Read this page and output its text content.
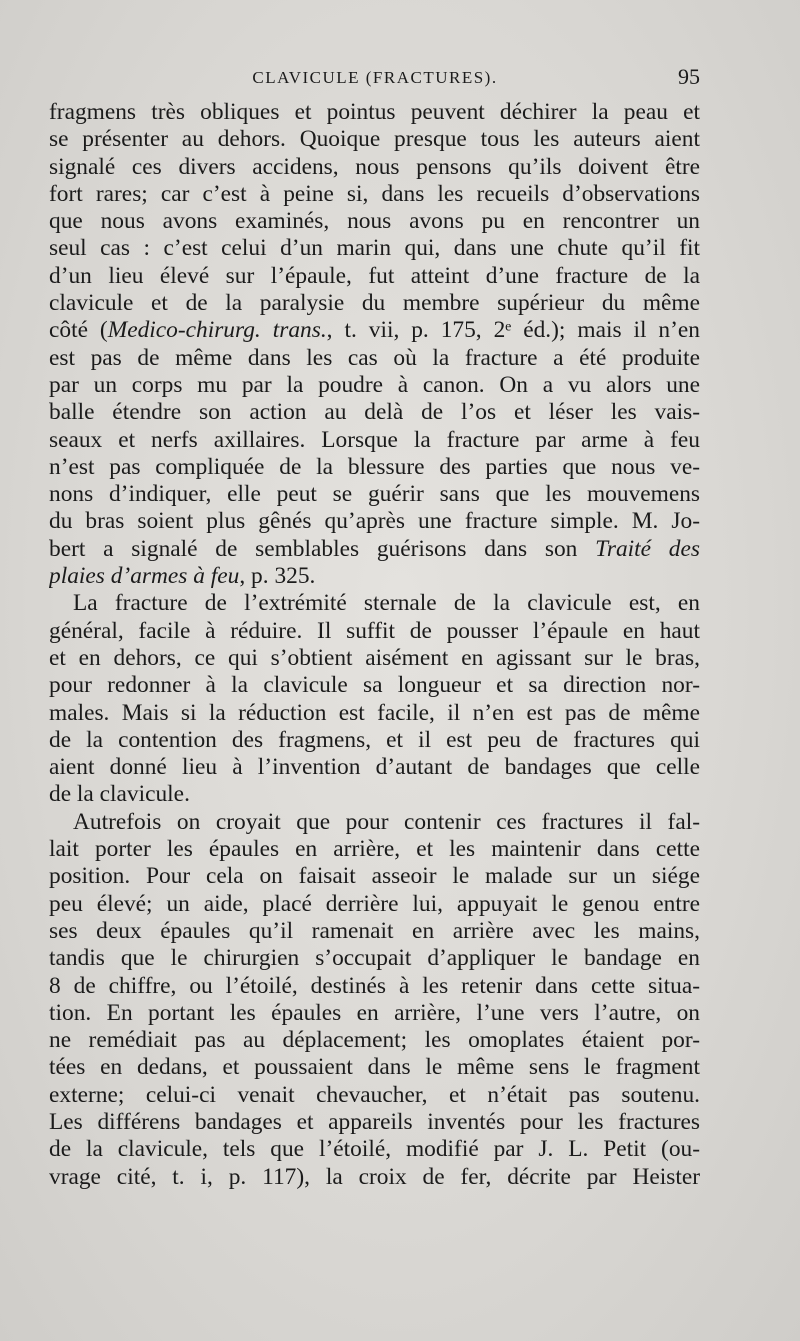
CLAVICULE (FRACTURES).	95
fragmens très obliques et pointus peuvent déchirer la peau et
se présenter au dehors. Quoique presque tous les auteurs aient
signalé ces divers accidens, nous pensons qu’ils doivent être
fort rares; car c’est à peine si, dans les recueils d’observations
que nous avons examinés, nous avons pu en rencontrer un
seul cas : c’est celui d’un marin qui, dans une chute qu’il fit
d’un lieu élevé sur l’épaule, fut atteint d’une fracture de la
clavicule et de la paralysie du membre supérieur du même
côté (Medico-chirurg. trans., t. vii, p. 175, 2ᵉ éd.); mais il n’en
est pas de même dans les cas où la fracture a été produite
par un corps mu par la poudre à canon. On a vu alors une
balle étendre son action au delà de l’os et léser les vais-
seaux et nerfs axillaires. Lorsque la fracture par arme à feu
n’est pas compliquée de la blessure des parties que nous ve-
nons d’indiquer, elle peut se guérir sans que les mouvemens
du bras soient plus gênés qu’après une fracture simple. M. Jo-
bert a signalé de semblables guérisons dans son Traité des
plaies d’armes à feu, p. 325.
La fracture de l’extrémité sternale de la clavicule est, en
général, facile à réduire. Il suffit de pousser l’épaule en haut
et en dehors, ce qui s’obtient aisément en agissant sur le bras,
pour redonner à la clavicule sa longueur et sa direction nor-
males. Mais si la réduction est facile, il n’en est pas de même
de la contention des fragmens, et il est peu de fractures qui
aient donné lieu à l’invention d’autant de bandages que celle
de la clavicule.
Autrefois on croyait que pour contenir ces fractures il fal-
lait porter les épaules en arrière, et les maintenir dans cette
position. Pour cela on faisait asseoir le malade sur un siége
peu élevé; un aide, placé derrière lui, appuyait le genou entre
ses deux épaules qu’il ramenait en arrière avec les mains,
tandis que le chirurgien s’occupait d’appliquer le bandage en
8 de chiffre, ou l’étoilé, destinés à les retenir dans cette situa-
tion. En portant les épaules en arrière, l’une vers l’autre, on
ne remédiait pas au déplacement; les omoplates étaient por-
tées en dedans, et poussaient dans le même sens le fragment
externe; celui-ci venait chevaucher, et n’était pas soutenu.
Les différens bandages et appareils inventés pour les fractures
de la clavicule, tels que l’étoilé, modifié par J. L. Petit (ou-
vrage cité, t. i, p. 117), la croix de fer, décrite par Heister
